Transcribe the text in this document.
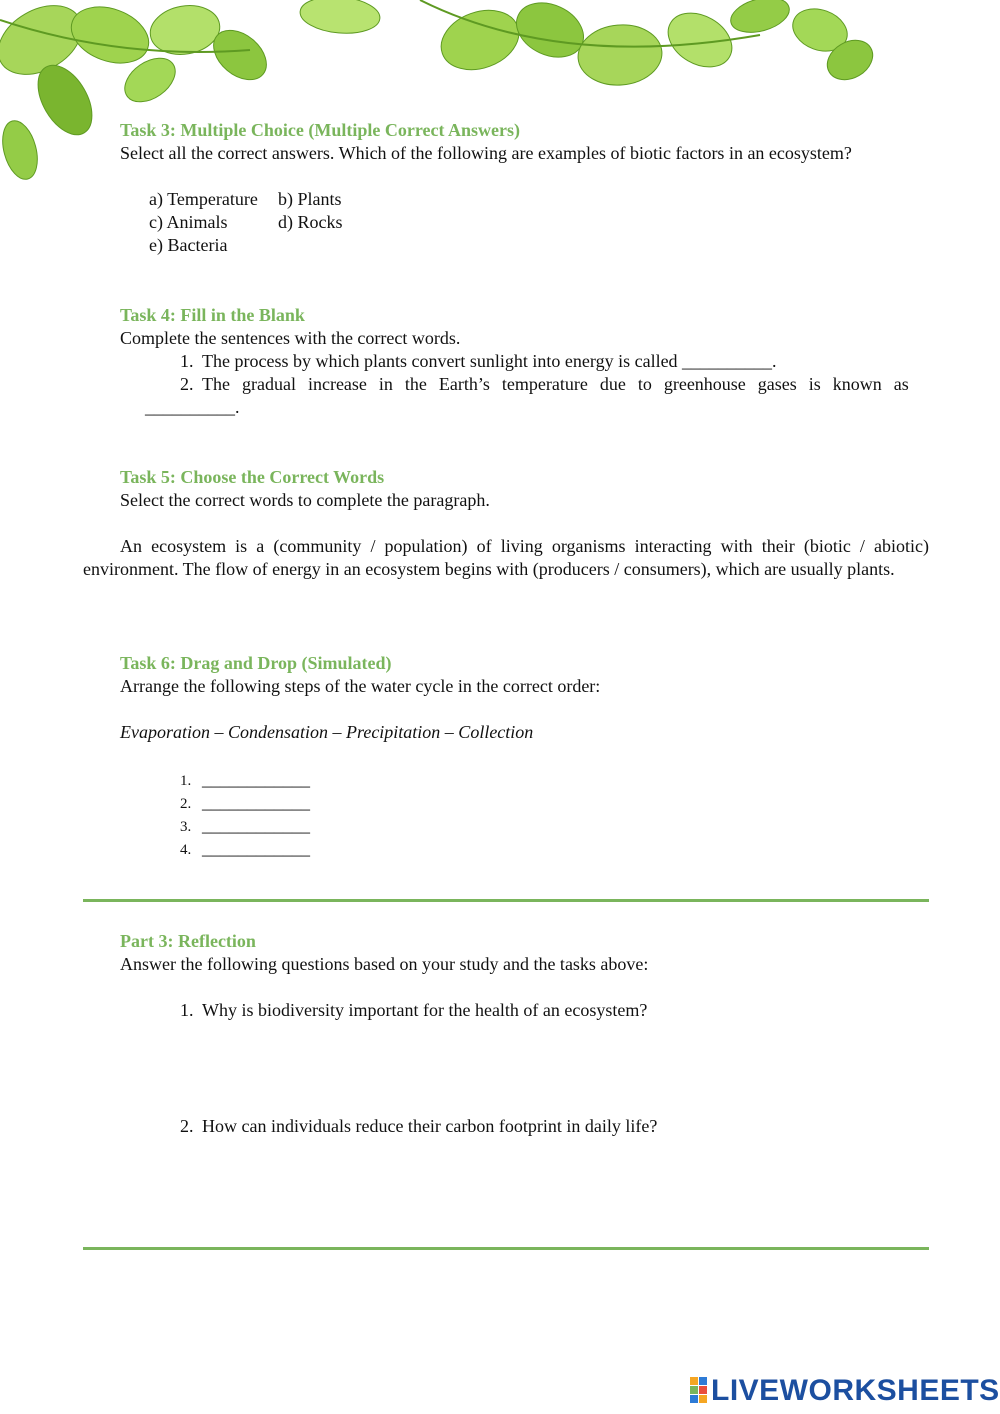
Task 3: Multiple Choice (Multiple Correct Answers)
Select all the correct answers. Which of the following are examples of biotic factors in an ecosystem?
a) Temperature b) Plants
c) Animals	d) Rocks
e) Bacteria
Task 4: Fill in the Blank
Complete the sentences with the correct words.
1. The process by which plants convert sunlight into energy is called __________.
2. The gradual increase in the Earth’s temperature due to greenhouse gases is known as
__________.
Task 5: Choose the Correct Words
Select the correct words to complete the paragraph.
An ecosystem is a (community / population) of living organisms interacting with their (biotic / abiotic) environment. The flow of energy in an ecosystem begins with (producers / consumers), which are usually plants.
Task 6: Drag and Drop (Simulated)
Arrange the following steps of the water cycle in the correct order:
Evaporation – Condensation – Precipitation – Collection
1. ____________
2. ____________
3. ____________
4. ____________
Part 3: Reflection
Answer the following questions based on your study and the tasks above:
1. Why is biodiversity important for the health of an ecosystem?
2. How can individuals reduce their carbon footprint in daily life?
LIVEWORKSHEETS
